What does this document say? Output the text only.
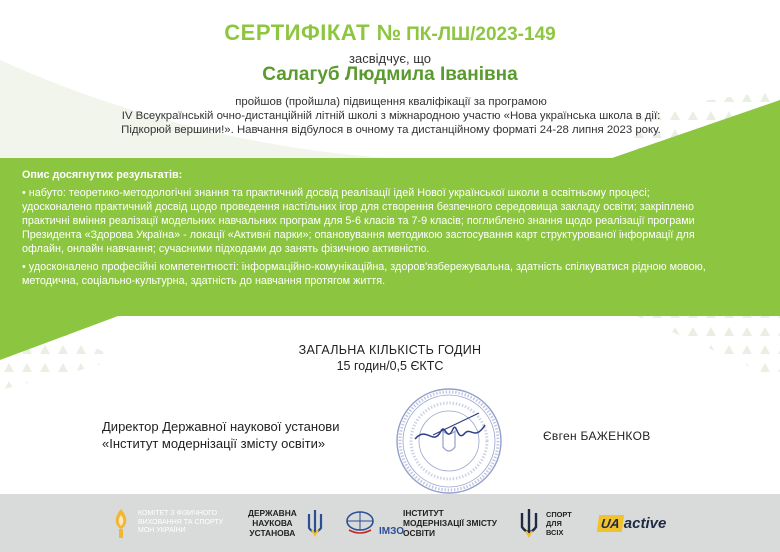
СЕРТИФІКАТ № ПК-ЛШ/2023-149
засвідчує, що
Салагуб Людмила Іванівна
пройшов (пройшла) підвищення кваліфікації за програмою
ІV Всеукраїнській очно-дистанційній літній школі з міжнародною участю «Нова українська школа в дії:
Підкорюй вершини!». Навчання відбулося в очному та дистанційному форматі 24-28 липня 2023 року.
Опис досягнутих результатів:
• набуто: теоретико-методологічні знання та практичний досвід реалізації ідей Нової української школи в освітньому процесі; удосконалено практичний досвід щодо проведення настільних ігор для створення безпечного середовища закладу освіти; закріплено практичні вміння реалізації модельних навчальних програм для 5-6 класів та 7-9 класів; поглиблено знання щодо реалізації програми Президента «Здорова Україна» - локації «Активні парки»; опановування методикою застосування карт структурованої інформації для офлайн, онлайн навчання; сучасними підходами до занять фізичною активністю.
• удосконалено професійні компетентності: інформаційно-комунікаційна, здоров'язбережувальна, здатність спілкуватися рідною мовою, методична, соціально-культурна, здатність до навчання протягом життя.
ЗАГАЛЬНА КІЛЬКІСТЬ ГОДИН
15 годин/0,5 ЄКТС
Директор Державної наукової установи
«Інститут модернізації змісту освіти»	Євген БАЖЕНКОВ
КОМІТЕТ З ФІЗИЧНОГО
ВИХОВАННЯ ТА СПОРТУ
МОН УКРАЇНИ
ДЕРЖАВНА
НАУКОВА
УСТАНОВА	ІМЗО
ІНСТИТУТ
МОДЕРНІЗАЦІЇ ЗМІСТУ
ОСВІТИ
СПОРТ
ДЛЯ
ВСІХ
UA active
